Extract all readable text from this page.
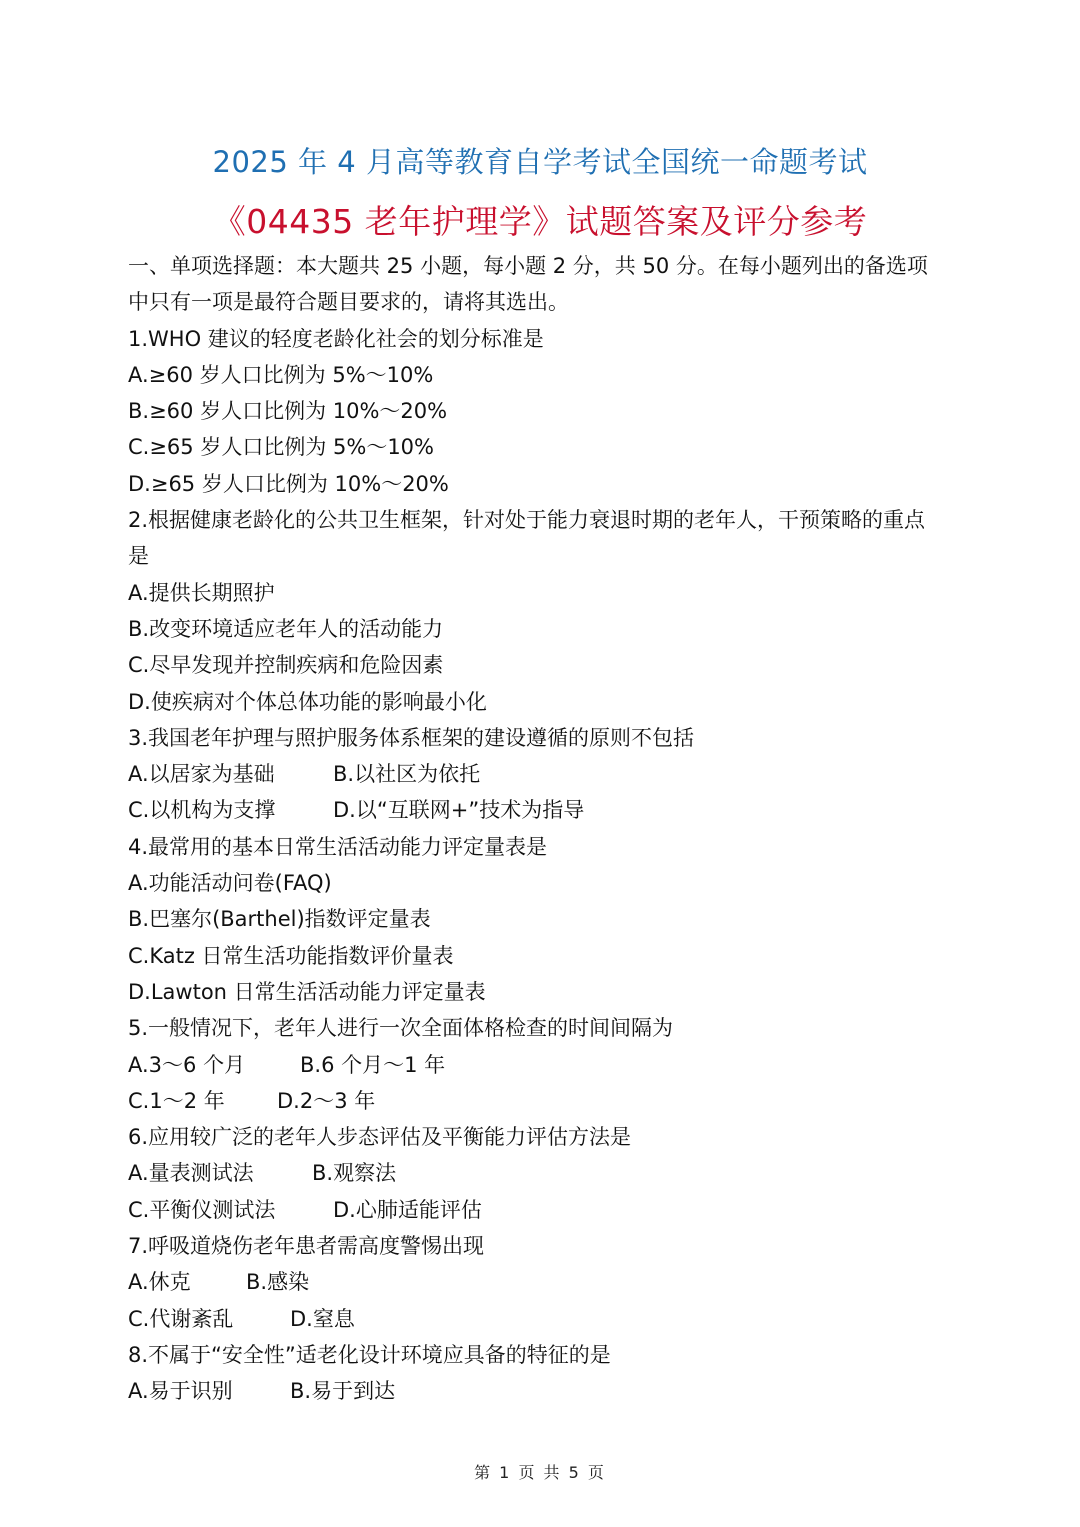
2025 年 4 月高等教育自学考试全国统一命题考试
《04435 老年护理学》试题答案及评分参考
一、单项选择题：本大题共 25 小题，每小题 2 分，共 50 分。在每小题列出的备选项
中只有一项是最符合题目要求的，请将其选出。
1.WHO 建议的轻度老龄化社会的划分标准是
A.≥60 岁人口比例为 5%～10%
B.≥60 岁人口比例为 10%～20%
C.≥65 岁人口比例为 5%～10%
D.≥65 岁人口比例为 10%～20%
2.根据健康老龄化的公共卫生框架，针对处于能力衰退时期的老年人，干预策略的重点
是
A.提供长期照护
B.改变环境适应老年人的活动能力
C.尽早发现并控制疾病和危险因素
D.使疾病对个体总体功能的影响最小化
3.我国老年护理与照护服务体系框架的建设遵循的原则不包括
A.以居家为基础	B.以社区为依托
C.以机构为支撑	D.以“互联网+”技术为指导
4.最常用的基本日常生活活动能力评定量表是
A.功能活动问卷(FAQ)
B.巴塞尔(Barthel)指数评定量表
C.Katz 日常生活功能指数评价量表
D.Lawton 日常生活活动能力评定量表
5.一般情况下，老年人进行一次全面体格检查的时间间隔为
A.3～6 个月	B.6 个月～1 年
C.1～2 年 D.2～3 年
6.应用较广泛的老年人步态评估及平衡能力评估方法是
A.量表测试法	B.观察法
C.平衡仪测试法	D.心肺适能评估
7.呼吸道烧伤老年患者需高度警惕出现
A.休克	B.感染
C.代谢紊乱	D.窒息
8.不属于“安全性”适老化设计环境应具备的特征的是
A.易于识别	B.易于到达
第 1 页 共 5 页
